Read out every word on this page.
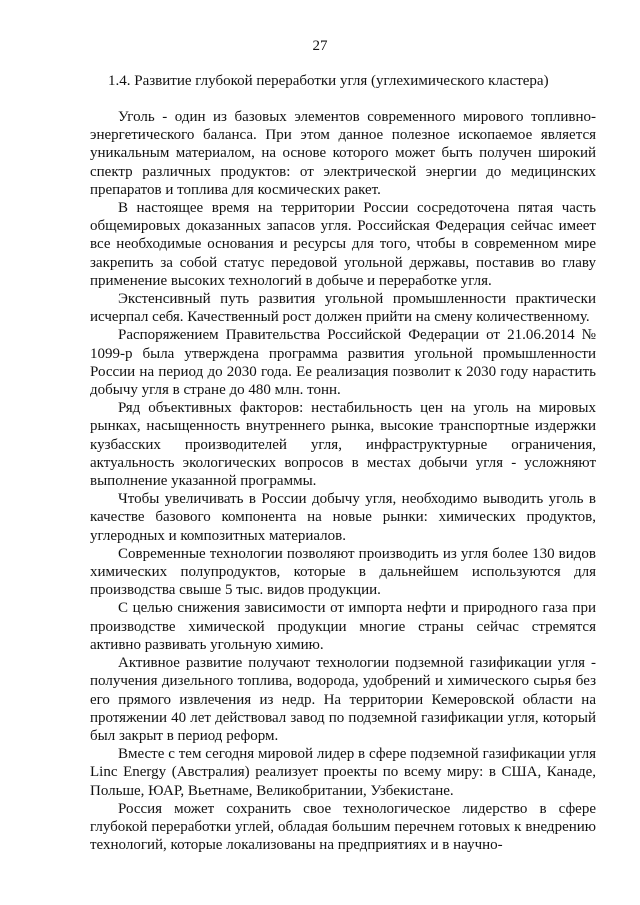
27
1.4. Развитие глубокой переработки угля (углехимического кластера)

Уголь - один из базовых элементов современного мирового топливно-энергетического баланса. При этом данное полезное ископаемое является уникальным материалом, на основе которого может быть получен широкий спектр различных продуктов: от электрической энергии до медицинских препаратов и топлива для космических ракет.

В настоящее время на территории России сосредоточена пятая часть общемировых доказанных запасов угля. Российская Федерация сейчас имеет все необходимые основания и ресурсы для того, чтобы в современном мире закрепить за собой статус передовой угольной державы, поставив во главу применение высоких технологий в добыче и переработке угля.

Экстенсивный путь развития угольной промышленности практически исчерпал себя. Качественный рост должен прийти на смену количественному.

Распоряжением Правительства Российской Федерации от 21.06.2014 № 1099-р была утверждена программа развития угольной промышленности России на период до 2030 года. Ее реализация позволит к 2030 году нарастить добычу угля в стране до 480 млн. тонн.

Ряд объективных факторов: нестабильность цен на уголь на мировых рынках, насыщенность внутреннего рынка, высокие транспортные издержки кузбасских производителей угля, инфраструктурные ограничения, актуальность экологических вопросов в местах добычи угля - усложняют выполнение указанной программы.

Чтобы увеличивать в России добычу угля, необходимо выводить уголь в качестве базового компонента на новые рынки: химических продуктов, углеродных и композитных материалов.

Современные технологии позволяют производить из угля более 130 видов химических полупродуктов, которые в дальнейшем используются для производства свыше 5 тыс. видов продукции.

С целью снижения зависимости от импорта нефти и природного газа при производстве химической продукции многие страны сейчас стремятся активно развивать угольную химию.

Активное развитие получают технологии подземной газификации угля - получения дизельного топлива, водорода, удобрений и химического сырья без его прямого извлечения из недр. На территории Кемеровской области на протяжении 40 лет действовал завод по подземной газификации угля, который был закрыт в период реформ.

Вместе с тем сегодня мировой лидер в сфере подземной газификации угля Linc Energy (Австралия) реализует проекты по всему миру: в США, Канаде, Польше, ЮАР, Вьетнаме, Великобритании, Узбекистане.

Россия может сохранить свое технологическое лидерство в сфере глубокой переработки углей, обладая большим перечнем готовых к внедрению технологий, которые локализованы на предприятиях и в научно-
